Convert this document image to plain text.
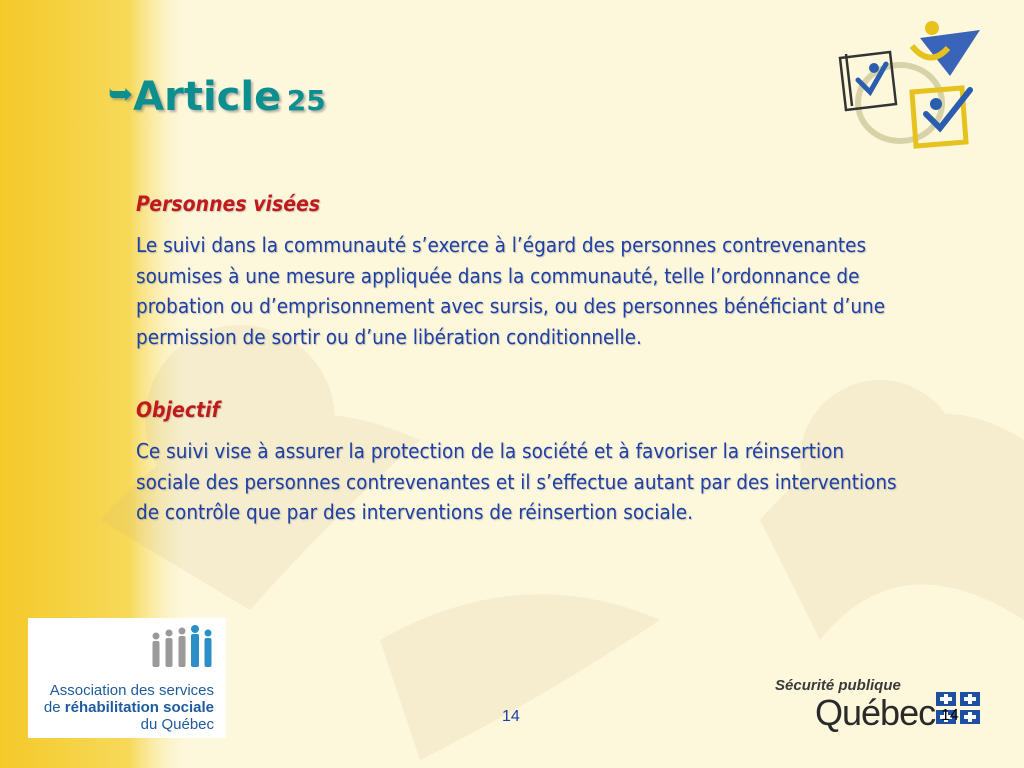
➥Article 25

Personnes visées

Le suivi dans la communauté s’exerce à l’égard des personnes contrevenantes soumises à une mesure appliquée dans la communauté, telle l’ordonnance de probation ou d’emprisonnement avec sursis, ou des personnes bénéficiant d’une permission de sortir ou d’une libération conditionnelle.

Objectif

Ce suivi vise à assurer la protection de la société et à favoriser la réinsertion sociale des personnes contrevenantes et il s’effectue autant par des interventions de contrôle que par des interventions de réinsertion sociale.

Association des services
de réhabilitation sociale
du Québec	14
Sécurité publique
Québec 14
